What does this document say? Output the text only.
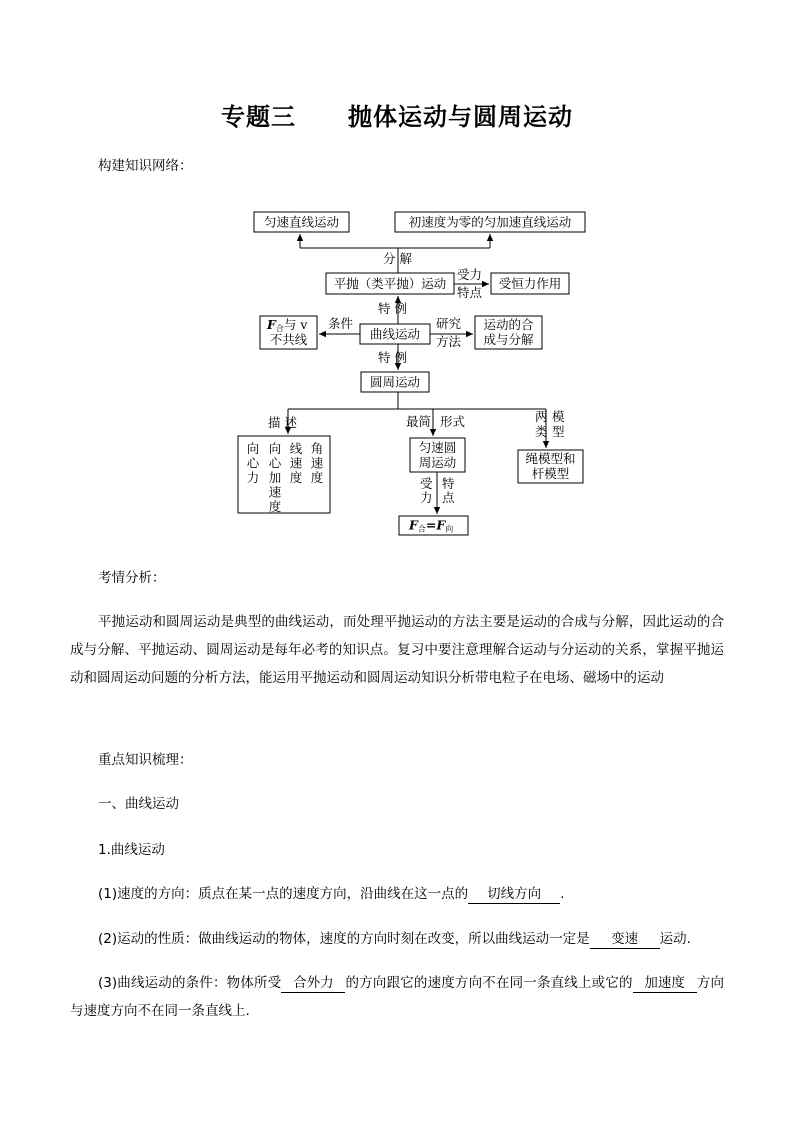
专题三 抛体运动与圆周运动
构建知识网络：
匀速直线运动	初速度为零的匀加速直线运动
分 解
平抛（类平抛）运动
受力
特点
受恒力作用
特 例
曲线运动
F合与 v
不共线
条件	研究
方法
运动的合
成与分解
特 例
圆周运动
描 述	最简 形式	两
类
模
型
向心力
向心加速度
线速度
角速度
匀速圆
周运动
受
力
特
点
绳模型和
杆模型
F合=F向
考情分析：
平抛运动和圆周运动是典型的曲线运动，而处理平抛运动的方法主要是运动的合成与分解，因此运动的合成与分解、平抛运动、圆周运动是每年必考的知识点。复习中要注意理解合运动与分运动的关系，掌握平抛运动和圆周运动问题的分析方法，能运用平抛运动和圆周运动知识分析带电粒子在电场、磁场中的运动
重点知识梳理：
一、曲线运动
1.曲线运动
(1)速度的方向：质点在某一点的速度方向，沿曲线在这一点的 切线方向 .
(2)运动的性质：做曲线运动的物体，速度的方向时刻在改变，所以曲线运动一定是 变速 运动.
(3)曲线运动的条件：物体所受 合外力 的方向跟它的速度方向不在同一条直线上或它的 加速度 方向与速度方向不在同一条直线上.
